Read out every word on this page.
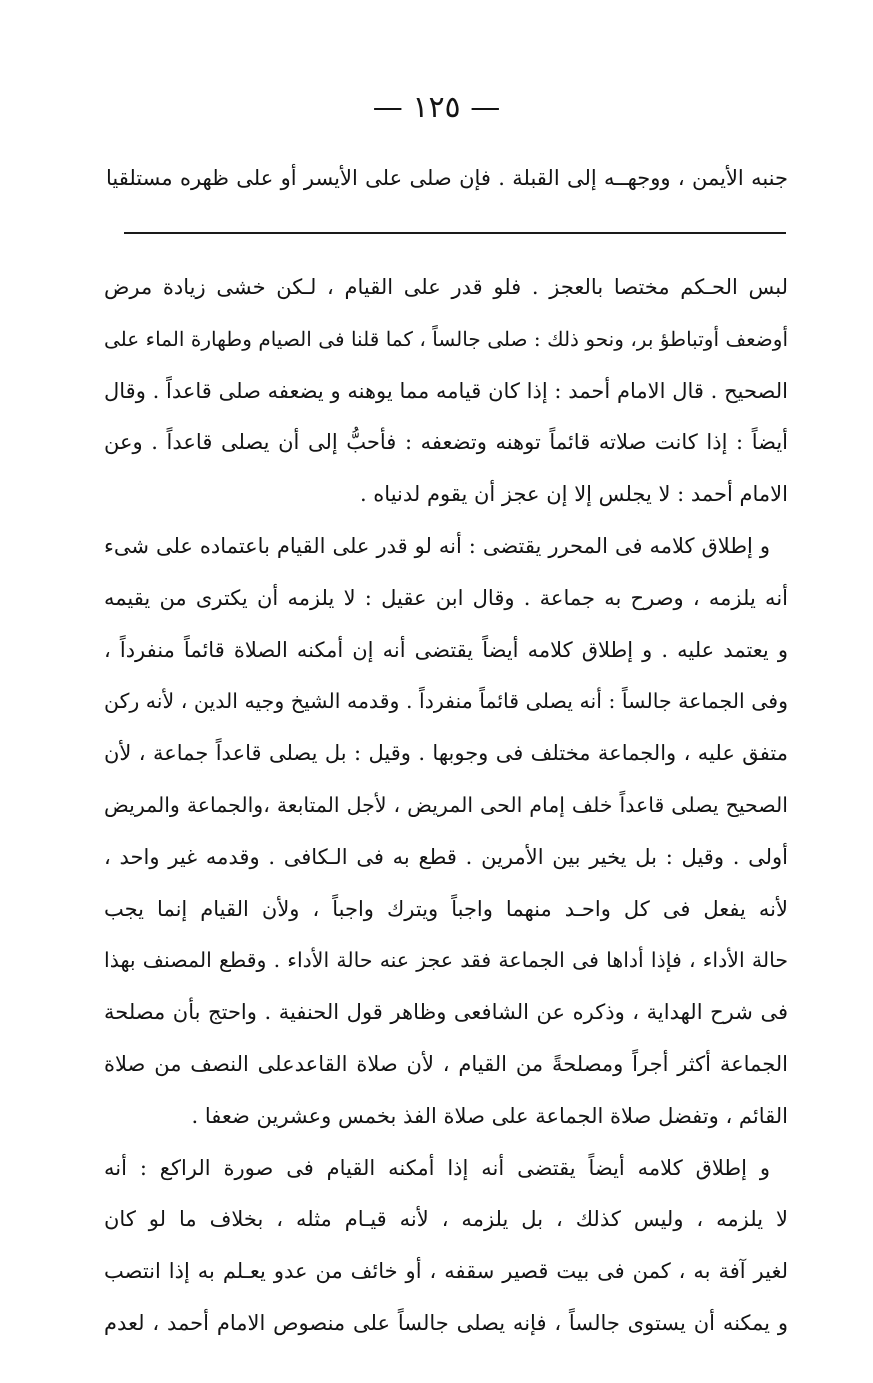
— ١٢٥ —
جنبه الأيمن ، ووجهــه إلى القبلة . فإن صلى على الأيسر أو على ظهره مستلقيا
لبس الحـكم مختصا بالعجز . فلو قدر على القيام ، لـكن خشى زيادة مرض
أوضعف أوتباطؤ بر، ونحو ذلك : صلى جالساً ، كما قلنا فى الصيام وطهارة الماء على
الصحيح . قال الامام أحمد : إذا كان قيامه مما يوهنه و يضعفه صلى قاعداً . وقال
أيضاً : إذا كانت صلاته قائماً توهنه وتضعفه : فأحبُّ إلى أن يصلى قاعداً . وعن
الامام أحمد : لا يجلس إلا إن عجز أن يقوم لدنياه .
و إطلاق كلامه فى المحرر يقتضى : أنه لو قدر على القيام باعتماده على شىء
أنه يلزمه ، وصرح به جماعة . وقال ابن عقيل : لا يلزمه أن يكترى من يقيمه
و يعتمد عليه . و إطلاق كلامه أيضاً يقتضى أنه إن أمكنه الصلاة قائماً منفرداً ،
وفى الجماعة جالساً : أنه يصلى قائماً منفرداً . وقدمه الشيخ وجيه الدين ، لأنه ركن
متفق عليه ، والجماعة مختلف فى وجوبها . وقيل : بل يصلى قاعداً جماعة ، لأن
الصحيح يصلى قاعداً خلف إمام الحى المريض ، لأجل المتابعة ،والجماعة والمريض
أولى . وقيل : بل يخير بين الأمرين . قطع به فى الـكافى . وقدمه غير واحد ،
لأنه يفعل فى كل واحـد منهما واجباً ويترك واجباً ، ولأن القيام إنما يجب
حالة الأداء ، فإذا أداها فى الجماعة فقد عجز عنه حالة الأداء . وقطع المصنف بهذا
فى شرح الهداية ، وذكره عن الشافعى وظاهر قول الحنفية . واحتج بأن مصلحة
الجماعة أكثر أجراً ومصلحةً من القيام ، لأن صلاة القاعدعلى النصف من صلاة
القائم ، وتفضل صلاة الجماعة على صلاة الفذ بخمس وعشرين ضعفا .
و إطلاق كلامه أيضاً يقتضى أنه إذا أمكنه القيام فى صورة الراكع : أنه
لا يلزمه ، وليس كذلك ، بل يلزمه ، لأنه قيـام مثله ، بخلاف ما لو كان
لغير آفة به ، كمن فى بيت قصير سقفه ، أو خائف من عدو يعـلم به إذا انتصب
و يمكنه أن يستوى جالساً ، فإنه يصلى جالساً على منصوص الامام أحمد ، لعدم
